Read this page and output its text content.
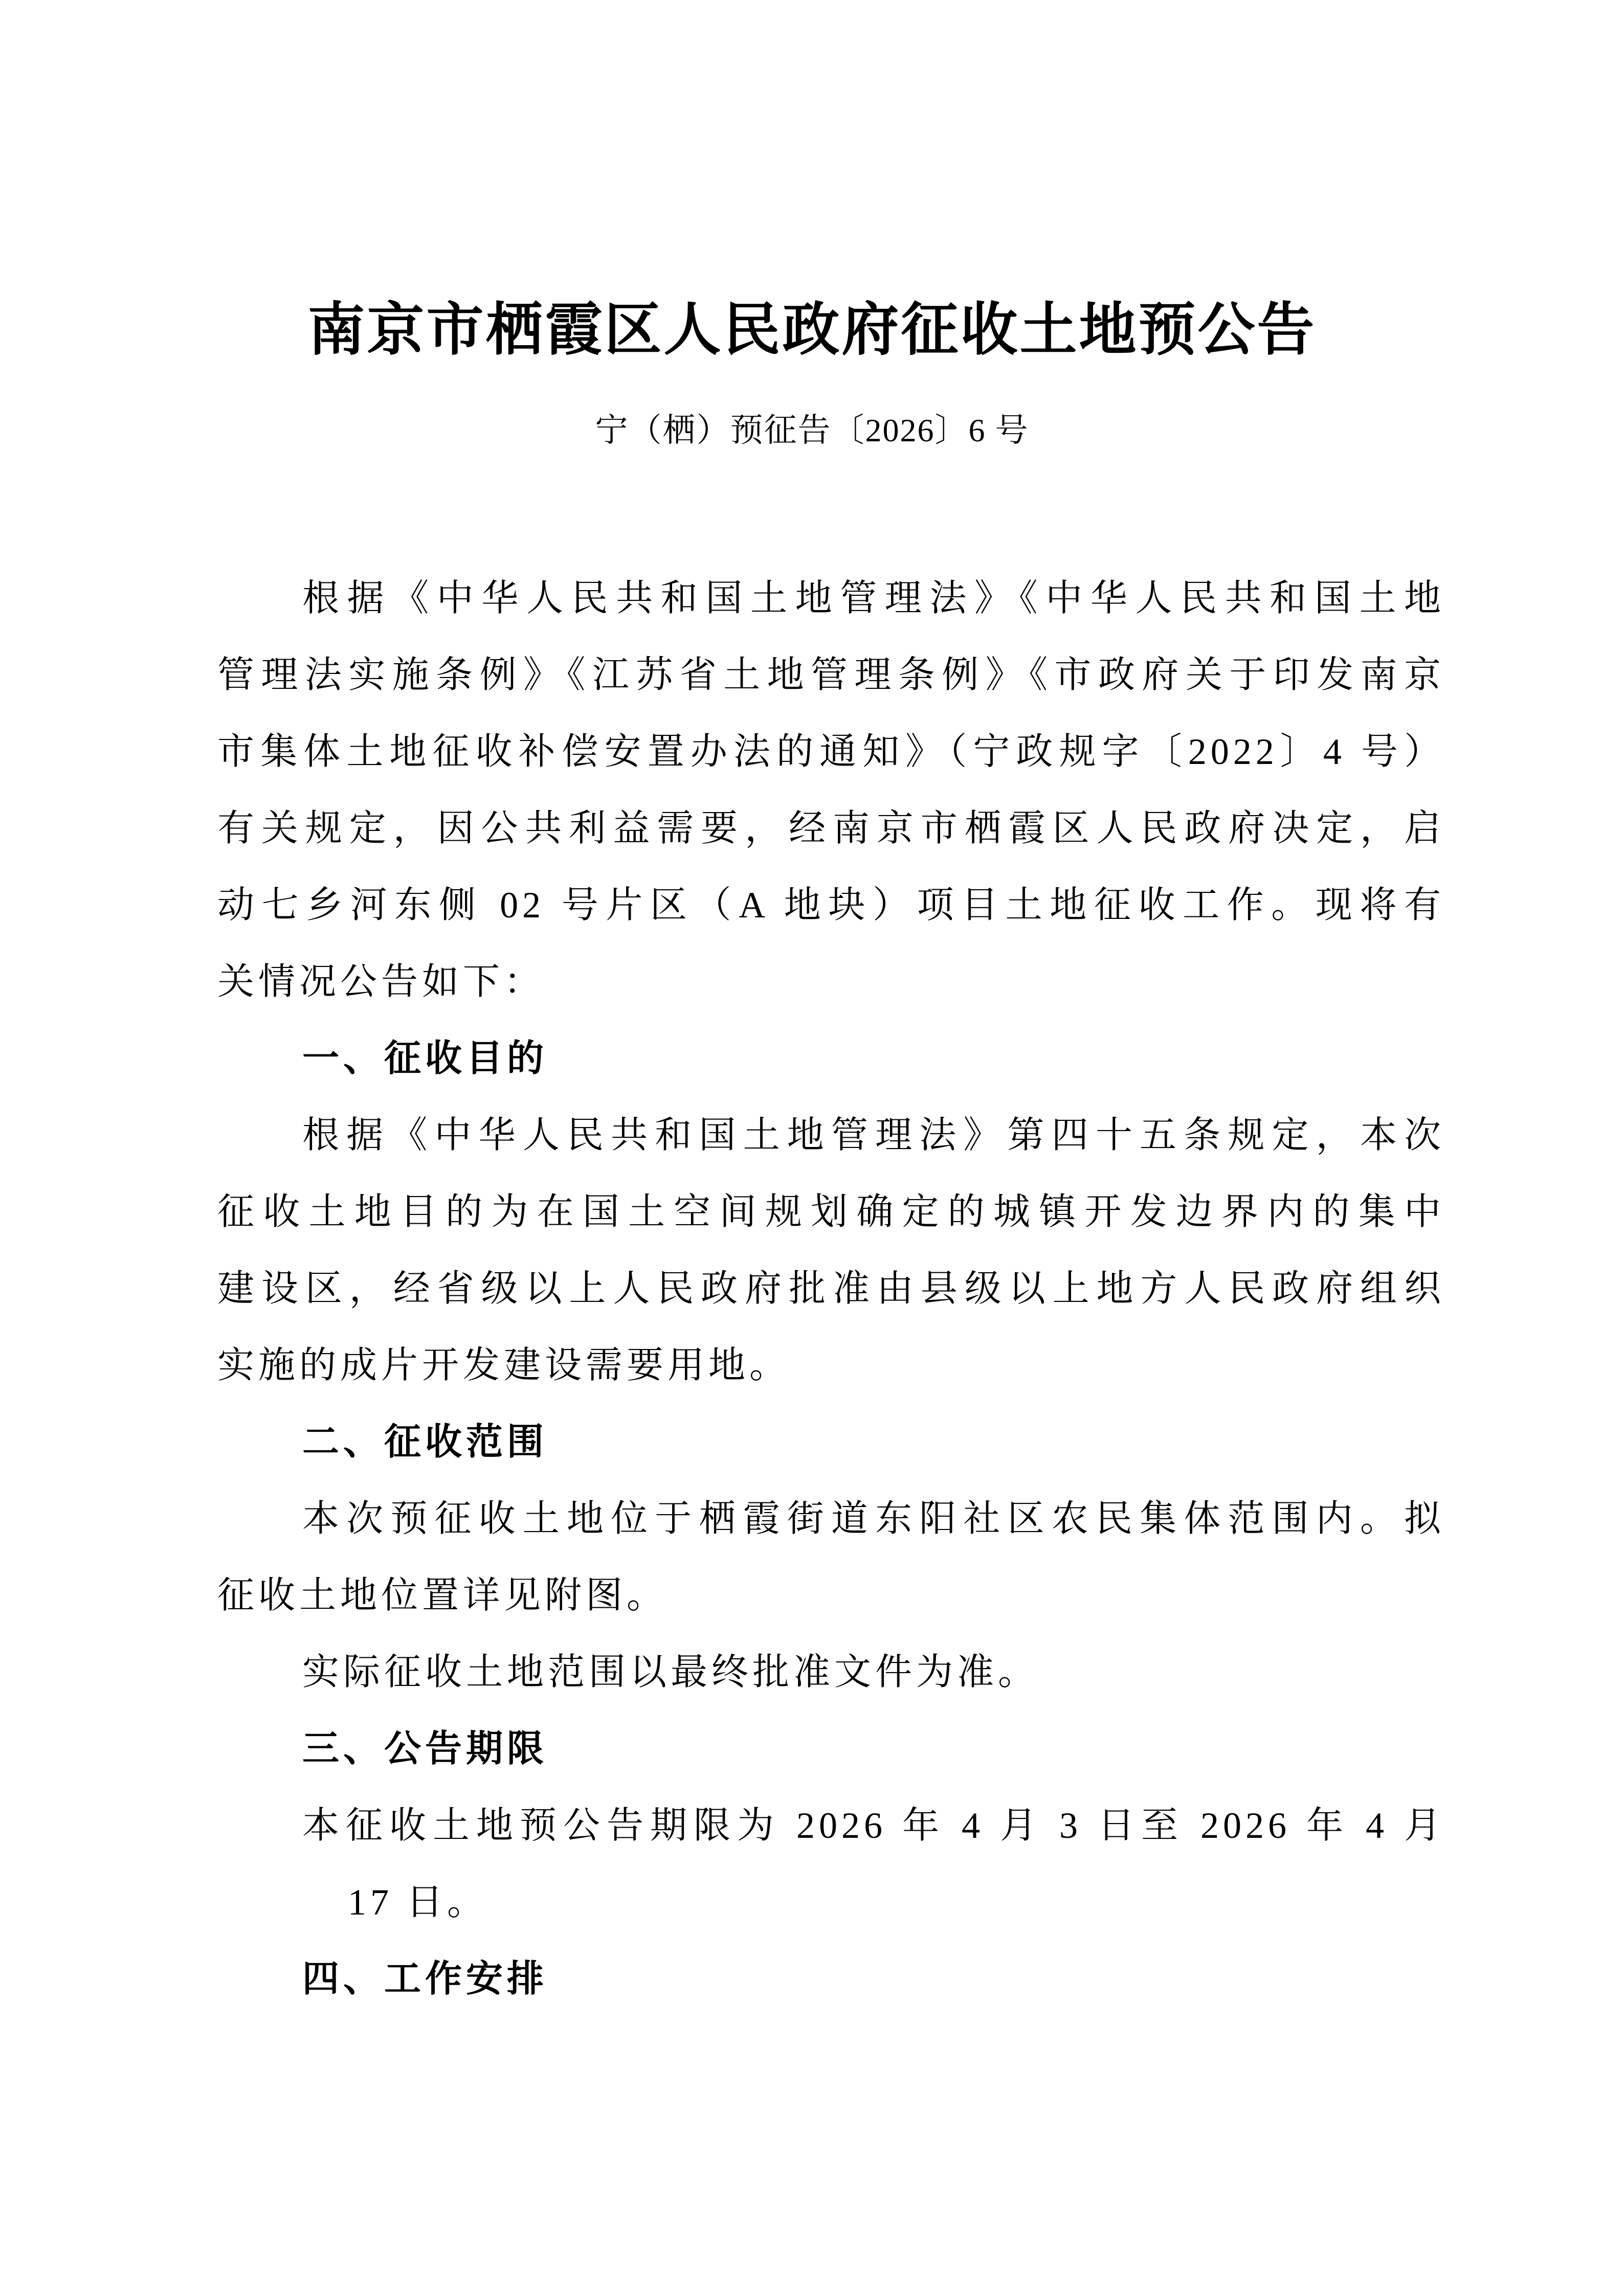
南京市栖霞区人民政府征收土地预公告
宁（栖）预征告〔2026〕6 号
根据《中华人民共和国土地管理法》《中华人民共和国土地
管理法实施条例》《江苏省土地管理条例》《市政府关于印发南京
市集体土地征收补偿安置办法的通知》（宁政规字〔2022〕4 号）
有关规定，因公共利益需要，经南京市栖霞区人民政府决定，启
动七乡河东侧 02 号片区（A 地块）项目土地征收工作。现将有
关情况公告如下：
一、征收目的
根据《中华人民共和国土地管理法》第四十五条规定，本次
征收土地目的为在国土空间规划确定的城镇开发边界内的集中
建设区，经省级以上人民政府批准由县级以上地方人民政府组织
实施的成片开发建设需要用地。
二、征收范围
本次预征收土地位于栖霞街道东阳社区农民集体范围内。拟
征收土地位置详见附图。
实际征收土地范围以最终批准文件为准。
三、公告期限
本征收土地预公告期限为 2026 年 4 月 3 日至 2026 年 4 月
17 日。
四、工作安排
